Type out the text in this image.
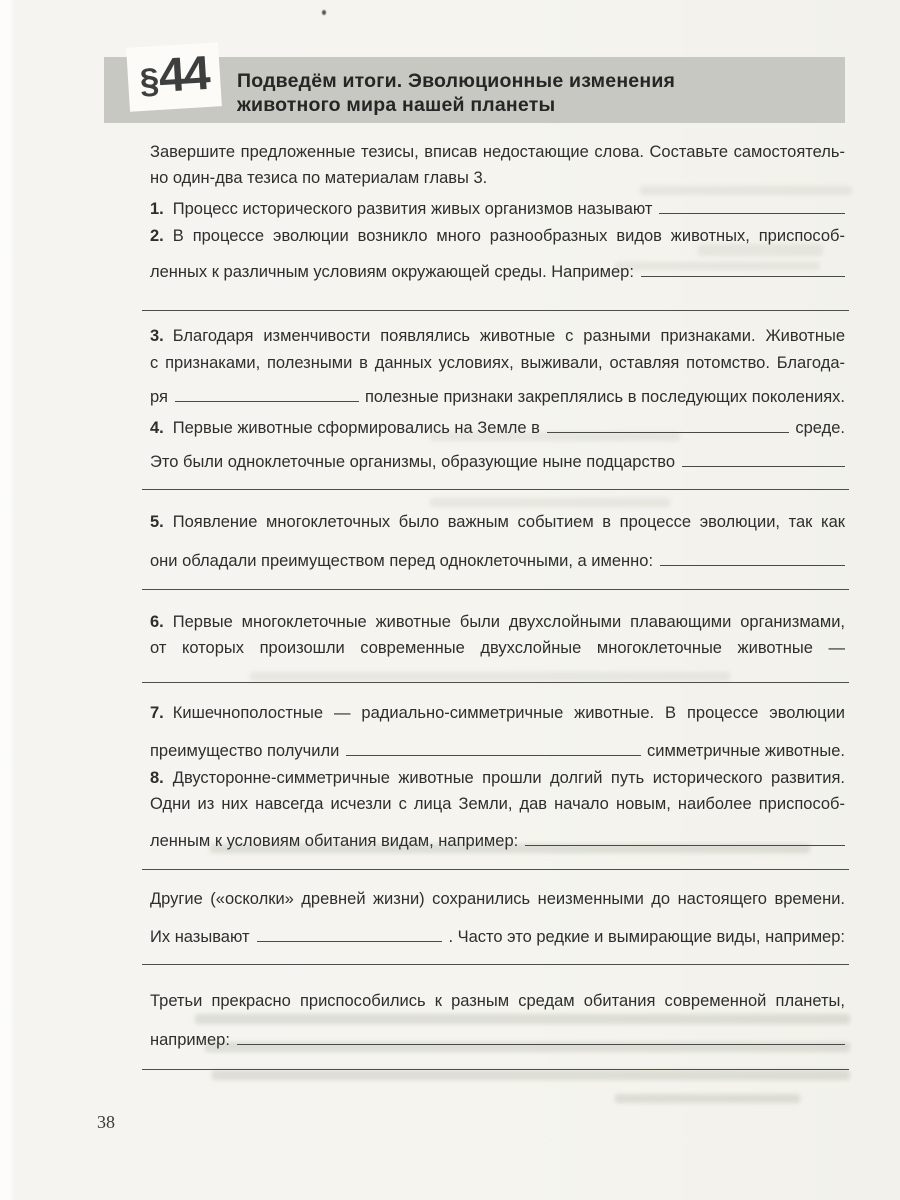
§
44 Подведём итоги. Эволюционные изменения
животного мира нашей планеты
Завершите предложенные тезисы, вписав недостающие слова. Составьте самостоятель-
но один-два тезиса по материалам главы 3.
1. Процесс исторического развития живых организмов называют
2. В процессе эволюции возникло много разнообразных видов животных, приспособ-
ленных к различным условиям окружающей среды. Например:
3. Благодаря изменчивости появлялись животные с разными признаками. Животные
с признаками, полезными в данных условиях, выживали, оставляя потомство. Благода-
ря	полезные признаки закреплялись в последующих поколениях.
4. Первые животные сформировались на Земле в	среде.
Это были одноклеточные организмы, образующие ныне подцарство
5. Появление многоклеточных было важным событием в процессе эволюции, так как
они обладали преимуществом перед одноклеточными, а именно:
6. Первые многоклеточные животные были двухслойными плавающими организмами,
от которых произошли современные двухслойные многоклеточные животные —
7. Кишечнополостные — радиально-симметричные животные. В процессе эволюции
преимущество получили	симметричные животные.
8. Двусторонне-симметричные животные прошли долгий путь исторического развития.
Одни из них навсегда исчезли с лица Земли, дав начало новым, наиболее приспособ-
ленным к условиям обитания видам, например:
Другие («осколки» древней жизни) сохранились неизменными до настоящего времени.
Их называют	. Часто это редкие и вымирающие виды, например:
Третьи прекрасно приспособились к разным средам обитания современной планеты,
например:
38
